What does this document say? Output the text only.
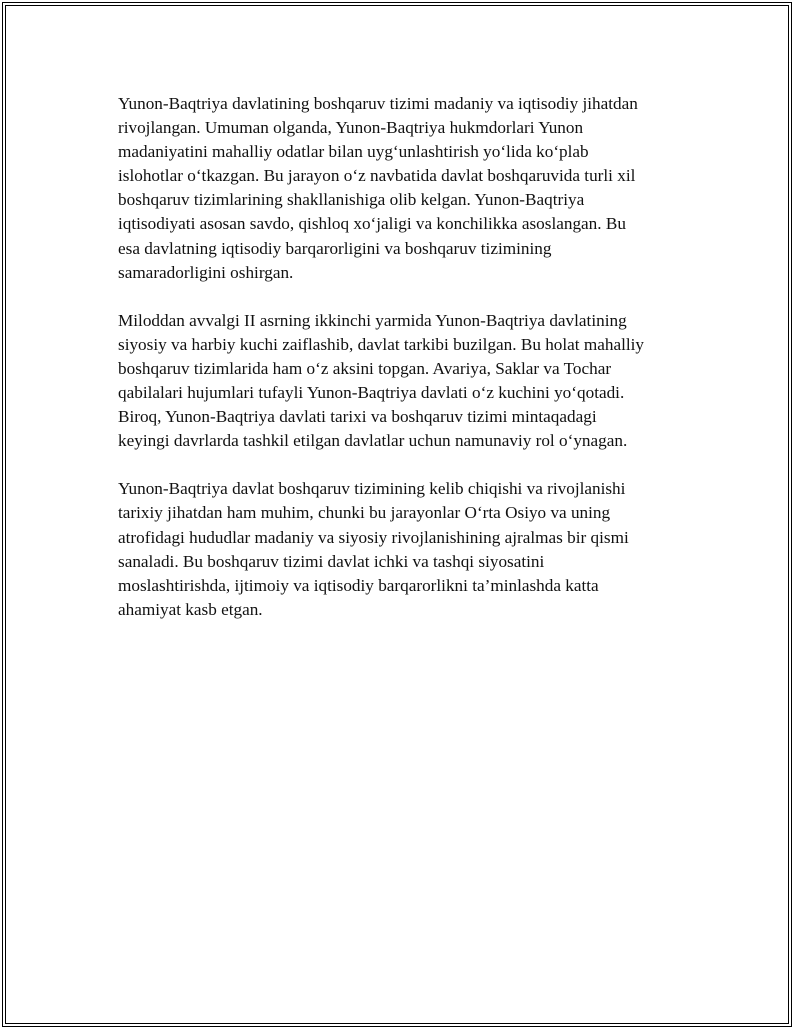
Yunon-Baqtriya davlatining boshqaruv tizimi madaniy va iqtisodiy jihatdan
rivojlangan. Umuman olganda, Yunon-Baqtriya hukmdorlari Yunon
madaniyatini mahalliy odatlar bilan uyg‘unlashtirish yo‘lida ko‘plab
islohotlar o‘tkazgan. Bu jarayon o‘z navbatida davlat boshqaruvida turli xil
boshqaruv tizimlarining shakllanishiga olib kelgan. Yunon-Baqtriya
iqtisodiyati asosan savdo, qishloq xo‘jaligi va konchilikka asoslangan. Bu
esa davlatning iqtisodiy barqarorligini va boshqaruv tizimining
samaradorligini oshirgan.

Miloddan avvalgi II asrning ikkinchi yarmida Yunon-Baqtriya davlatining
siyosiy va harbiy kuchi zaiflashib, davlat tarkibi buzilgan. Bu holat mahalliy
boshqaruv tizimlarida ham o‘z aksini topgan. Avariya, Saklar va Tochar
qabilalari hujumlari tufayli Yunon-Baqtriya davlati o‘z kuchini yo‘qotadi.
Biroq, Yunon-Baqtriya davlati tarixi va boshqaruv tizimi mintaqadagi
keyingi davrlarda tashkil etilgan davlatlar uchun namunaviy rol o‘ynagan.

Yunon-Baqtriya davlat boshqaruv tizimining kelib chiqishi va rivojlanishi
tarixiy jihatdan ham muhim, chunki bu jarayonlar O‘rta Osiyo va uning
atrofidagi hududlar madaniy va siyosiy rivojlanishining ajralmas bir qismi
sanaladi. Bu boshqaruv tizimi davlat ichki va tashqi siyosatini
moslashtirishda, ijtimoiy va iqtisodiy barqarorlikni ta’minlashda katta
ahamiyat kasb etgan.
